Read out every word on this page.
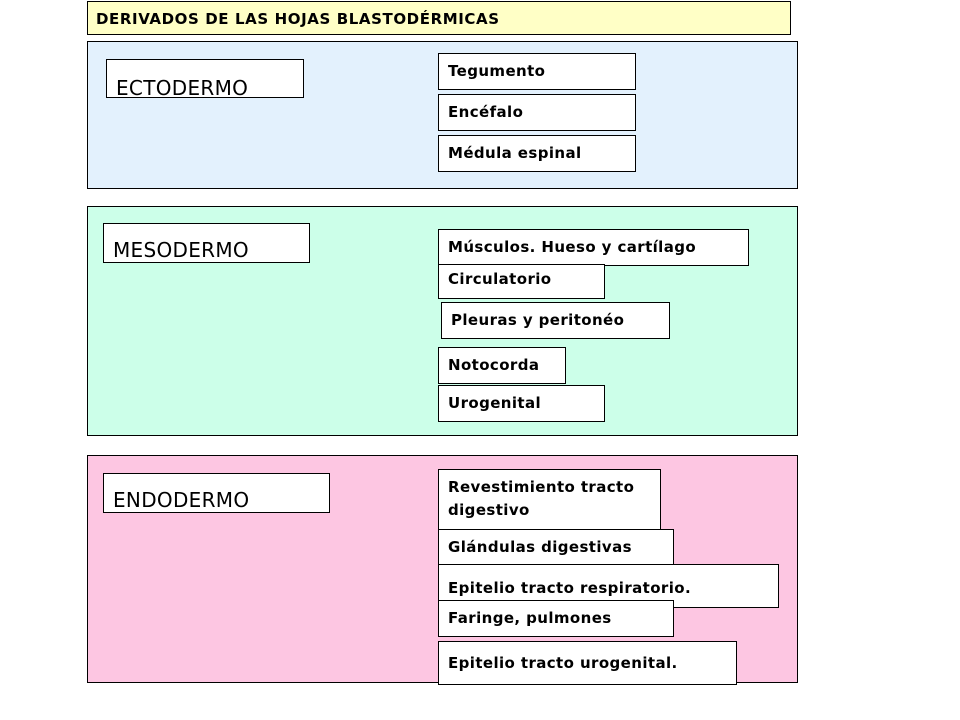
DERIVADOS DE LAS HOJAS BLASTODÉRMICAS
ECTODERMO
Tegumento
Encéfalo
Médula espinal
MESODERMO	Músculos. Hueso y cartílago
Circulatorio
Pleuras y peritonéo
Notocorda
Urogenital
ENDODERMO
Revestimiento tracto digestivo
Glándulas digestivas
Epitelio tracto respiratorio.
Faringe, pulmones
Epitelio tracto urogenital.
